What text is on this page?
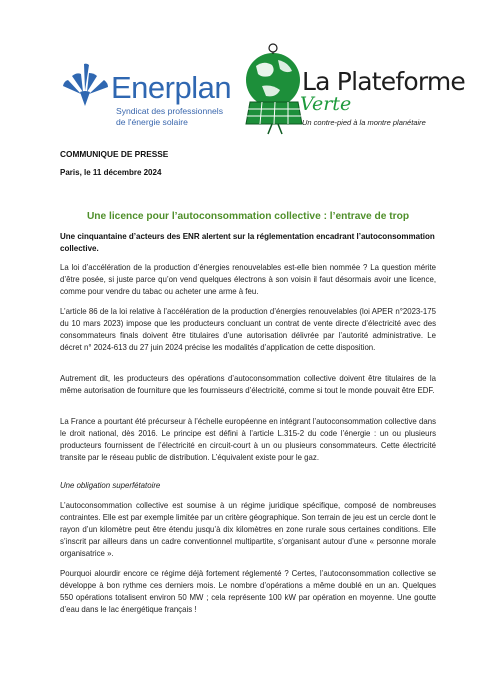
Enerplan
Syndicat des professionnels
de l'énergie solaire
La Plateforme
Verte
Un contre-pied à la montre planétaire
COMMUNIQUE DE PRESSE
Paris, le 11 décembre 2024
Une licence pour l’autoconsommation collective : l’entrave de trop
Une cinquantaine d’acteurs des ENR alertent sur la réglementation encadrant l’autoconsommation collective.
La loi d’accélération de la production d’énergies renouvelables est-elle bien nommée ? La question mérite d’être posée, si juste parce qu’on vend quelques électrons à son voisin il faut désormais avoir une licence, comme pour vendre du tabac ou acheter une arme à feu.
L’article 86 de la loi relative à l’accélération de la production d’énergies renouvelables (loi APER n°2023-175 du 10 mars 2023) impose que les producteurs concluant un contrat de vente directe d’électricité avec des consommateurs finals doivent être titulaires d’une autorisation délivrée par l’autorité administrative. Le décret n° 2024-613 du 27 juin 2024 précise les modalités d’application de cette disposition.
Autrement dit, les producteurs des opérations d’autoconsommation collective doivent être titulaires de la même autorisation de fourniture que les fournisseurs d’électricité, comme si tout le monde pouvait être EDF.
La France a pourtant été précurseur à l’échelle européenne en intégrant l’autoconsommation collective dans le droit national, dès 2016. Le principe est défini à l’article L.315-2 du code l’énergie : un ou plusieurs producteurs fournissent de l’électricité en circuit-court à un ou plusieurs consommateurs. Cette électricité transite par le réseau public de distribution. L’équivalent existe pour le gaz.
Une obligation superfétatoire
L’autoconsommation collective est soumise à un régime juridique spécifique, composé de nombreuses contraintes. Elle est par exemple limitée par un critère géographique. Son terrain de jeu est un cercle dont le rayon d’un kilomètre peut être étendu jusqu’à dix kilomètres en zone rurale sous certaines conditions. Elle s’inscrit par ailleurs dans un cadre conventionnel multipartite, s’organisant autour d’une « personne morale organisatrice ».
Pourquoi alourdir encore ce régime déjà fortement réglementé ? Certes, l’autoconsommation collective se développe à bon rythme ces derniers mois. Le nombre d’opérations a même doublé en un an. Quelques 550 opérations totalisent environ 50 MW ; cela représente 100 kW par opération en moyenne. Une goutte d’eau dans le lac énergétique français !
